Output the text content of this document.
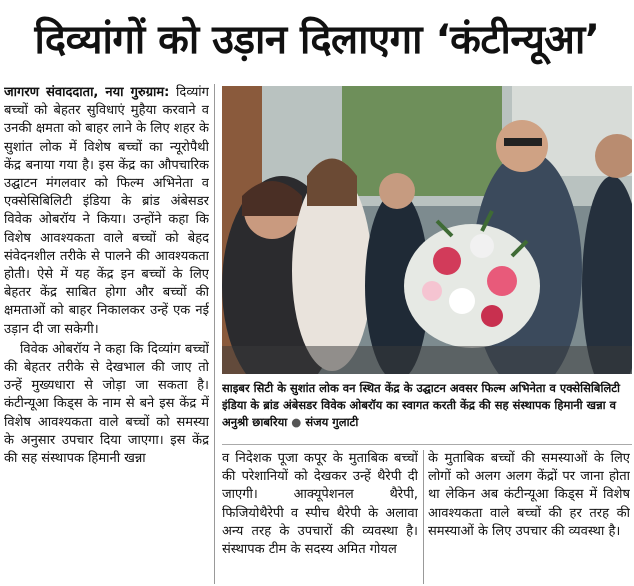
दिव्यांगों को उड़ान दिलाएगा ‘कंटीन्यूआ’

जागरण संवाददाता, नया गुरुग्राम: दिव्यांग बच्चों को बेहतर सुविधाएं मुहैया करवाने व उनकी क्षमता को बाहर लाने के लिए शहर के सुशांत लोक में विशेष बच्चों का न्यूरोपैथी केंद्र बनाया गया है। इस केंद्र का औपचारिक उद्घाटन मंगलवार को फिल्म अभिनेता व एक्सेसिबिलिटी इंडिया के ब्रांड अंबेसडर विवेक ओबरॉय ने किया। उन्होंने कहा कि विशेष आवश्यकता वाले बच्चों को बेहद संवेदनशील तरीके से पालने की आवश्यकता होती। ऐसे में यह केंद्र इन बच्चों के लिए बेहतर केंद्र साबित होगा और बच्चों की क्षमताओं को बाहर निकालकर उन्हें एक नई उड़ान दी जा सकेगी।

विवेक ओबरॉय ने कहा कि दिव्यांग बच्चों की बेहतर तरीके से देखभाल की जाए तो उन्हें मुख्यधारा से जोड़ा जा सकता है। कंटीन्यूआ किड्स के नाम से बने इस केंद्र में विशेष आवश्यकता वाले बच्चों को समस्या के अनुसार उपचार दिया जाएगा। इस केंद्र की सह संस्थापक हिमानी खन्ना

साइबर सिटी के सुशांत लोक वन स्थित केंद्र के उद्घाटन अवसर फिल्म अभिनेता व एक्सेसिबिलिटी इंडिया के ब्रांड अंबेसडर विवेक ओबरॉय का स्वागत करती केंद्र की सह संस्थापक हिमानी खन्ना व अनुश्री छाबरिया ● संजय गुलाटी

व निदेशक पूजा कपूर के मुताबिक बच्चों की परेशानियों को देखकर उन्हें थैरेपी दी जाएगी। आक्यूपेशनल थैरेपी, फिजियोथैरेपी व स्पीच थैरेपी के अलावा अन्य तरह के उपचारों की व्यवस्था है। संस्थापक टीम के सदस्य अमित गोयल

के मुताबिक बच्चों की समस्याओं के लिए लोगों को अलग अलग केंद्रों पर जाना होता था लेकिन अब कंटीन्यूआ किड्स में विशेष आवश्यकता वाले बच्चों की हर तरह की समस्याओं के लिए उपचार की व्यवस्था है।
